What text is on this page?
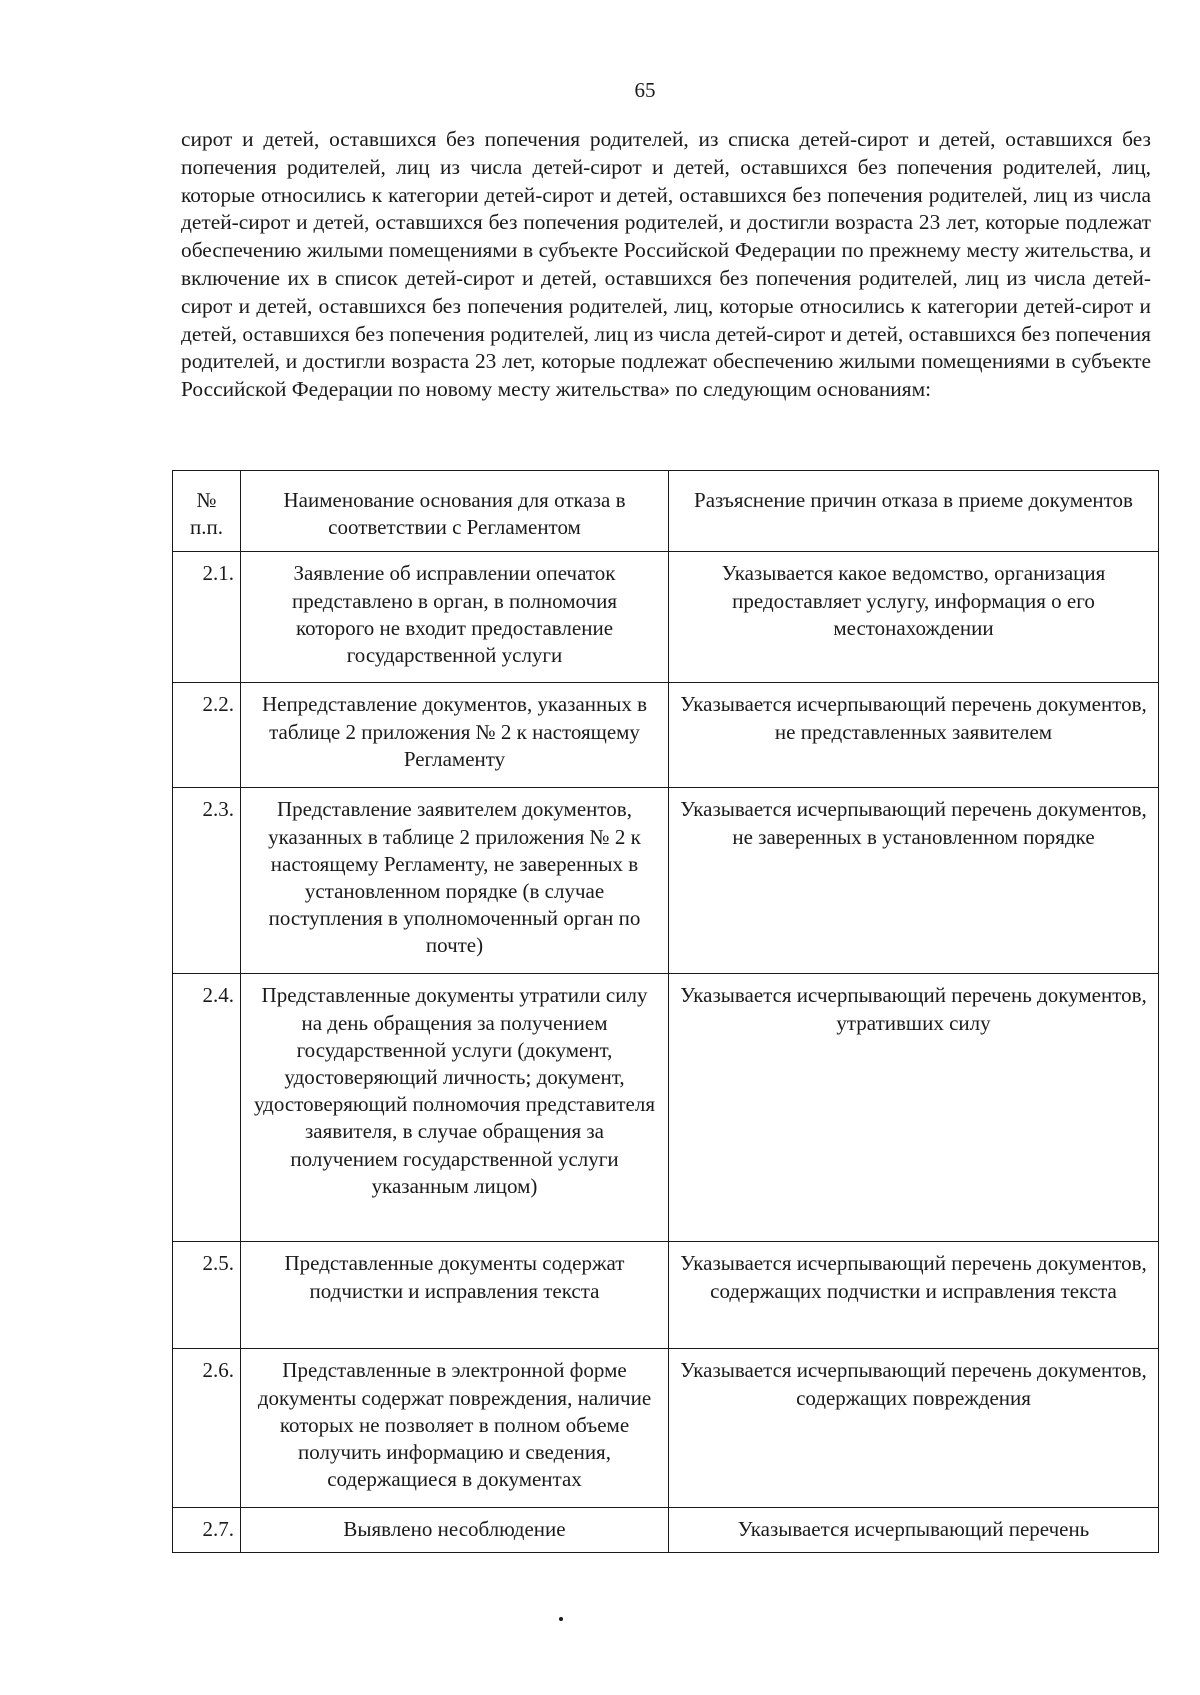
65

сирот и детей, оставшихся без попечения родителей, из списка детей-сирот и детей, оставшихся без попечения родителей, лиц из числа детей-сирот и детей, оставшихся без попечения родителей, лиц, которые относились к категории детей-сирот и детей, оставшихся без попечения родителей, лиц из числа детей-сирот и детей, оставшихся без попечения родителей, и достигли возраста 23 лет, которые подлежат обеспечению жилыми помещениями в субъекте Российской Федерации по прежнему месту жительства, и включение их в список детей-сирот и детей, оставшихся без попечения родителей, лиц из числа детей-сирот и детей, оставшихся без попечения родителей, лиц, которые относились к категории детей-сирот и детей, оставшихся без попечения родителей, лиц из числа детей-сирот и детей, оставшихся без попечения родителей, и достигли возраста 23 лет, которые подлежат обеспечению жилыми помещениями в субъекте Российской Федерации по новому месту жительства» по следующим основаниям:

№ п.п.	Наименование основания для отказа в соответствии с Регламентом	Разъяснение причин отказа в приеме документов
2.1.	Заявление об исправлении опечаток представлено в орган, в полномочия которого не входит предоставление государственной услуги	Указывается какое ведомство, организация предоставляет услугу, информация о его местонахождении
2.2.	Непредставление документов, указанных в таблице 2 приложения № 2 к настоящему Регламенту	Указывается исчерпывающий перечень документов, не представленных заявителем
2.3.	Представление заявителем документов, указанных в таблице 2 приложения № 2 к настоящему Регламенту, не заверенных в установленном порядке (в случае поступления в уполномоченный орган по почте)	Указывается исчерпывающий перечень документов, не заверенных в установленном порядке
2.4.	Представленные документы утратили силу на день обращения за получением государственной услуги (документ, удостоверяющий личность; документ, удостоверяющий полномочия представителя заявителя, в случае обращения за получением государственной услуги указанным лицом)	Указывается исчерпывающий перечень документов, утративших силу
2.5.	Представленные документы содержат подчистки и исправления текста	Указывается исчерпывающий перечень документов, содержащих подчистки и исправления текста
2.6.	Представленные в электронной форме документы содержат повреждения, наличие которых не позволяет в полном объеме получить информацию и сведения, содержащиеся в документах	Указывается исчерпывающий перечень документов, содержащих повреждения
2.7.	Выявлено несоблюдение	Указывается исчерпывающий перечень
